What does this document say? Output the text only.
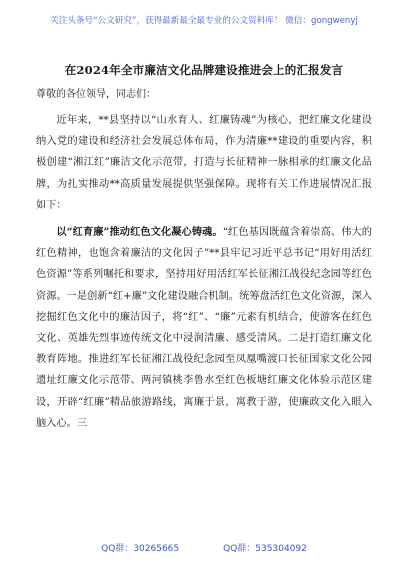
关注头条号“公文研究”，获得最新最全最专业的公文资料库！ 微信：gongwenyj
在2024年全市廉洁文化品牌建设推进会上的汇报发言
尊敬的各位领导，同志们：

近年来，**县坚持以“山水育人、红廉铸魂”为核心，把红廉文化建设纳入党的建设和经济社会发展总体布局，作为清廉**建设的重要内容，积极创建“湘江红”廉洁文化示范带，打造与长征精神一脉相承的红廉文化品牌，为扎实推动**高质量发展提供坚强保障。现将有关工作进展情况汇报如下：

以“红育廉”推动红色文化凝心铸魂。“红色基因既蕴含着崇高、伟大的红色精神，也饱含着廉洁的文化因子”**县牢记习近平总书记“用好用活红色资源”等系列嘱托和要求，坚持用好用活红军长征湘江战役纪念园等红色资源。一是创新“红+廉”文化建设融合机制。统筹盘活红色文化资源，深入挖掘红色文化中的廉洁因子，将“红”、“廉”元素有机结合，使游客在红色文化、英雄先烈事迹传统文化中浸润清廉、感受清风。二是打造红廉文化教育阵地。推进红军长征湘江战役纪念园至凤凰嘴渡口长征国家文化公园遗址红廉文化示范带、两河镇桃李鲁水至红色板塘红廉文化体验示范区建设，开辟“红廉”精品旅游路线，寓廉于景，寓教于游，使廉政文化入眼入脑入心。三

QQ群：30265665	QQ群：535304092
